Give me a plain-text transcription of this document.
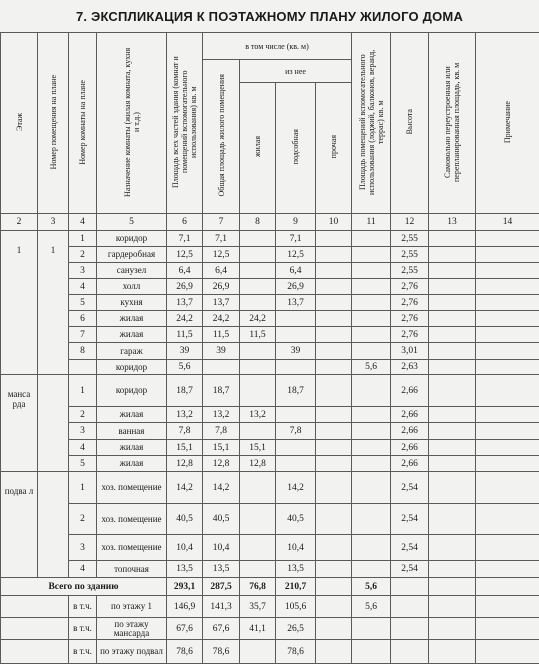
7. ЭКСПЛИКАЦИЯ К ПОЭТАЖНОМУ ПЛАНУ ЖИЛОГО ДОМА
Этаж	Номер помещения на плане	Номер комнаты на плане	Назначение комнаты (жилая комната, кухня и т.д.)	Площадь всех частей здания (комнат и помещений вспомогательного использования) кв. м	в том числе (кв. м)				Площадь помещений вспомогательного использования (лоджий, балконов, веранд, террас) кв. м	Высота	Самовольно переустроенная или перепланированная площадь, кв. м	Примечание
					Общая площадь жилого помещения	из нее						
						жилая	подсобная	прочая				
2	3	4	5	6	7	8	9	10	11	12	13	14
1	1	1	коридор	7,1	7,1		7,1			2,55		
		2	гардеробная	12,5	12,5		12,5			2,55		
		3	санузел	6,4	6,4		6,4			2,55		
		4	холл	26,9	26,9		26,9			2,76		
		5	кухня	13,7	13,7		13,7			2,76		
		6	жилая	24,2	24,2	24,2				2,76		
		7	жилая	11,5	11,5	11,5				2,76		
		8	гараж	39	39		39			3,01		
			коридор	5,6					5,6	2,63		
манса рда		1	коридор	18,7	18,7		18,7			2,66		
		2	жилая	13,2	13,2	13,2				2,66		
		3	ванная	7,8	7,8		7,8			2,66		
		4	жилая	15,1	15,1	15,1				2,66		
		5	жилая	12,8	12,8	12,8				2,66		
подва л		1	хоз. помещение	14,2	14,2		14,2			2,54		
		2	хоз. помещение	40,5	40,5		40,5			2,54		
		3	хоз. помещение	10,4	10,4		10,4			2,54		
		4	топочная	13,5	13,5		13,5			2,54		
Всего по зданию				293,1	287,5	76,8	210,7		5,6			
		в т.ч.	по этажу 1	146,9	141,3	35,7	105,6		5,6			
		в т.ч.	по этажу мансарда	67,6	67,6	41,1	26,5					
		в т.ч.	по этажу подвал	78,6	78,6		78,6					
